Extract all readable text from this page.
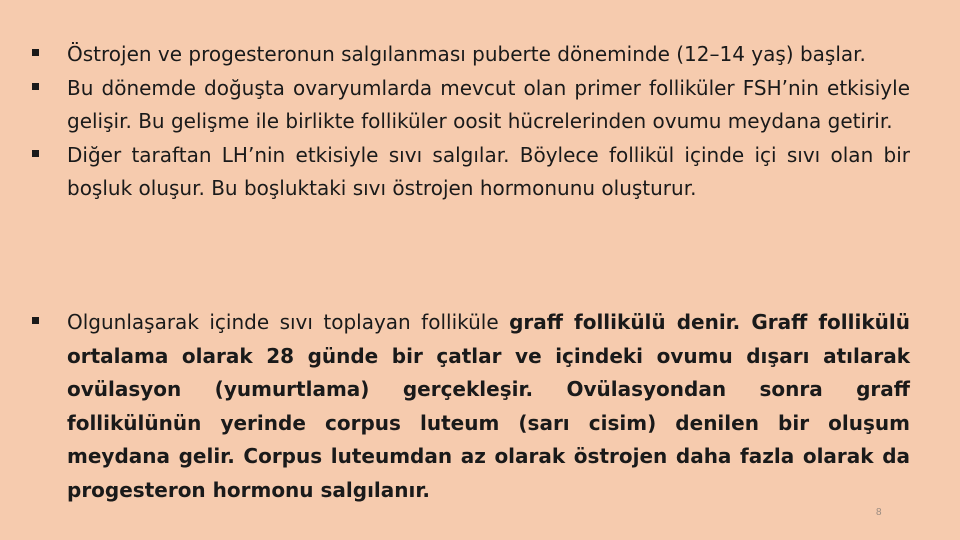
Östrojen ve progesteronun salgılanması puberte döneminde (12–14 yaş) başlar.
Bu dönemde doğuşta ovaryumlarda mevcut olan primer folliküler FSH’nin etkisiyle gelişir. Bu gelişme ile birlikte folliküler oosit hücrelerinden ovumu meydana getirir.
Diğer taraftan LH’nin etkisiyle sıvı salgılar. Böylece follikül içinde içi sıvı olan bir boşluk oluşur. Bu boşluktaki sıvı östrojen hormonunu oluşturur.
Olgunlaşarak içinde sıvı toplayan folliküle graff follikülü denir. Graff follikülü ortalama olarak 28 günde bir çatlar ve içindeki ovumu dışarı atılarak ovülasyon (yumurtlama) gerçekleşir. Ovülasyondan sonra graff follikülünün yerinde corpus luteum (sarı cisim) denilen bir oluşum meydana gelir. Corpus luteumdan az olarak östrojen daha fazla olarak da progesteron hormonu salgılanır.
8
